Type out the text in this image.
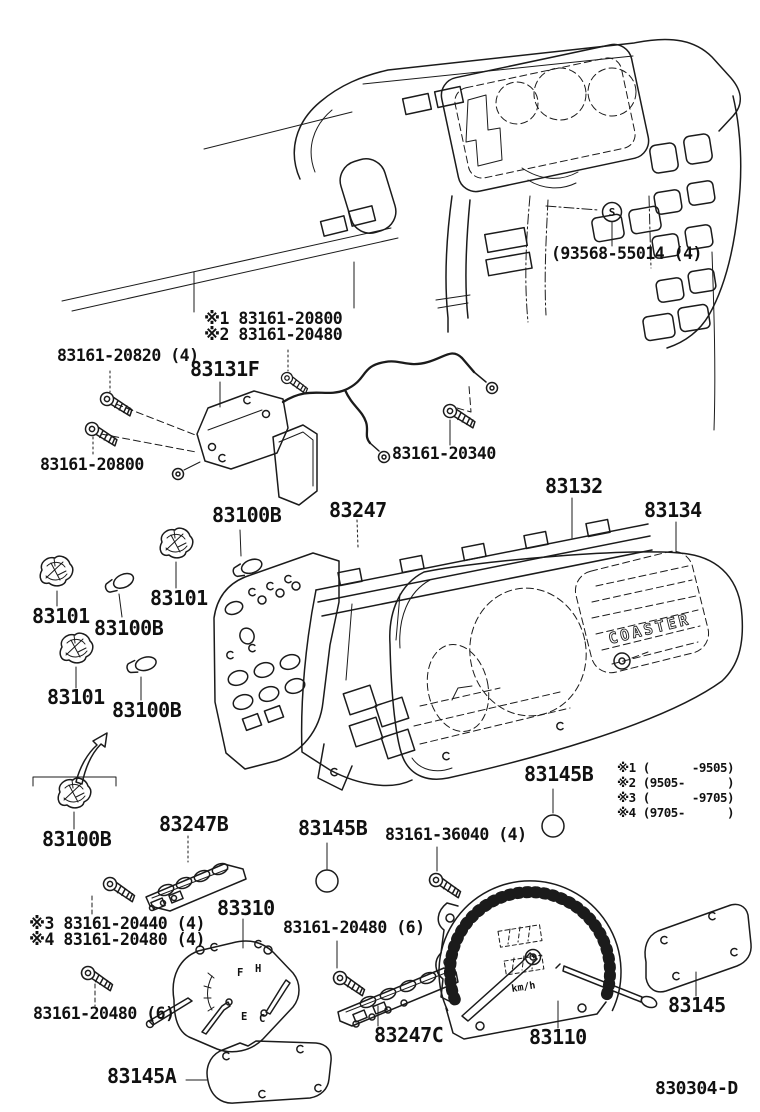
COASTER
F H
E C
km/h
S
(93568-55014 (4)
※1 83161-20800
※2 83161-20480
83161-20820 (4)
83131F
83161-20800
83161-20340
83100B 83247
83132
83134
83101 83100B
83101
83101
83100B
83100B
83247B	83145B 83161-36040 (4)
83145B
83310
※3 83161-20440 (4)
※4 83161-20480 (4)
83161-20480 (6)
83161-20480 (6)
83247C	83110
83145
83145A
※1 (      -9505)
※2 (9505-      )
※3 (      -9705)
※4 (9705-      )
830304-D
